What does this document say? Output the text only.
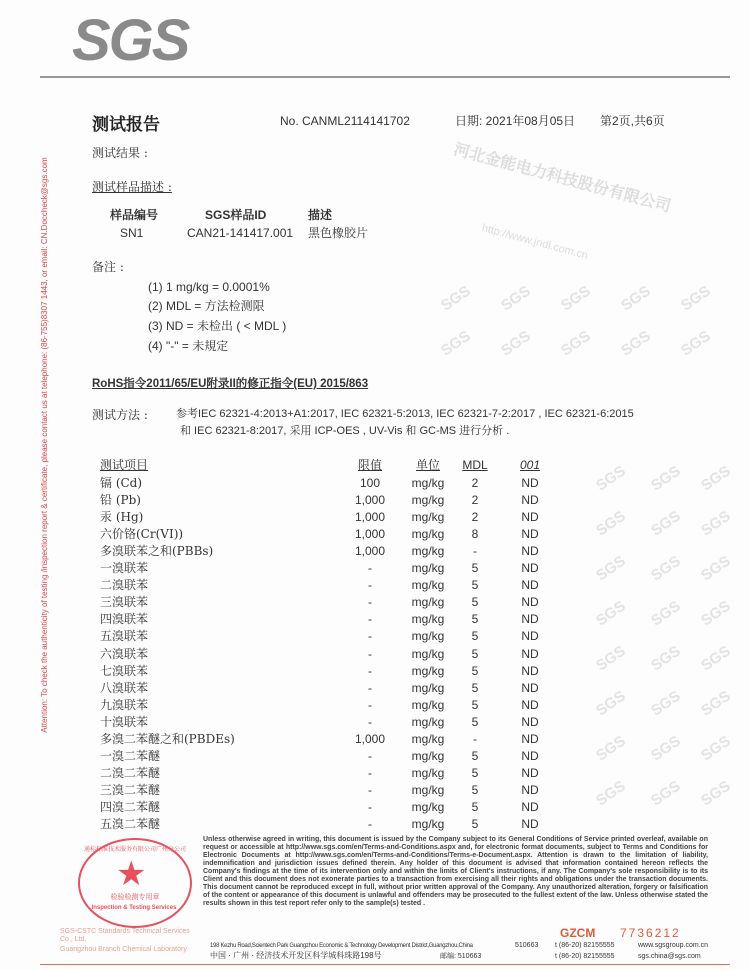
河北金能电力科技股份有限公司
http://www.jndl.com.cn
SGS
SGS
SGS
SGS
SGS
SGS
SGS
SGS
SGS
SGS
SGS
SGS
SGS
SGS
SGS
SGS
SGS
SGS
SGS
SGS
SGS
SGS
SGS
SGS
SGS
SGS
SGS
SGS
SGS
SGS
SGS
SGS
SGS
SGS
SGS
测试报告	No. CANML2114141702	日期: 2021年08月05日 第2页,共6页
Attention: To check the authenticity of testing /inspection report & certificate, please contact us at telephone: (86-755)8307 1443, or email: CN.Doccheck@sgs.com
测试结果 :
测试样品描述 :
样品编号	SGS样品ID	描述
SN1	CAN21-141417.001 黑色橡胶片
备注 :
(1) 1 mg/kg = 0.0001%
(2) MDL = 方法检测限
(3) ND = 未检出 ( < MDL )
(4) "-" = 未規定
RoHS指令2011/65/EU附录II的修正指令(EU) 2015/863
测试方法 :	参考IEC 62321-4:2013+A1:2017, IEC 62321-5:2013, IEC 62321-7-2:2017 , IEC 62321-6:2015
和 IEC 62321-8:2017, 采用 ICP-OES , UV-Vis 和 GC-MS 进行分析 .
测试项目	限值	单位	MDL	001
镉 (Cd)	100	mg/kg	2	ND
铅 (Pb)	1,000	mg/kg	2	ND
汞 (Hg)	1,000	mg/kg	2	ND
六价铬(Cr(VI))	1,000	mg/kg	8	ND
多溴联苯之和(PBBs)	1,000	mg/kg	-	ND
一溴联苯	-	mg/kg	5	ND
二溴联苯	-	mg/kg	5	ND
三溴联苯	-	mg/kg	5	ND
四溴联苯	-	mg/kg	5	ND
五溴联苯	-	mg/kg	5	ND
六溴联苯	-	mg/kg	5	ND
七溴联苯	-	mg/kg	5	ND
八溴联苯	-	mg/kg	5	ND
九溴联苯	-	mg/kg	5	ND
十溴联苯	-	mg/kg	5	ND
多溴二苯醚之和(PBDEs)	1,000	mg/kg	-	ND
一溴二苯醚	-	mg/kg	5	ND
二溴二苯醚	-	mg/kg	5	ND
三溴二苯醚	-	mg/kg	5	ND
四溴二苯醚	-	mg/kg	5	ND
五溴二苯醚	-	mg/kg	5	ND
通标标准技术服务有限公司广州分公司
★
检验检测专用章
Inspection & Testing Services
SGS-CSTC Standards Technical Services Co., Ltd.
Guangzhou Branch Chemical Laboratory
Unless otherwise agreed in writing, this document is issued by the Company subject to its General Conditions of Service printed overleaf, available on request or accessible at http://www.sgs.com/en/Terms-and-Conditions.aspx and, for electronic format documents, subject to Terms and Conditions for Electronic Documents at http://www.sgs.com/en/Terms-and-Conditions/Terms-e-Document.aspx. Attention is drawn to the limitation of liability, indemnification and jurisdiction issues defined therein. Any holder of this document is advised that information contained hereon reflects the Company's findings at the time of its intervention only and within the limits of Client's instructions, if any. The Company's sole responsibility is to its Client and this document does not exonerate parties to a transaction from exercising all their rights and obligations under the transaction documents. This document cannot be reproduced except in full, without prior written approval of the Company. Any unauthorized alteration, forgery or falsification of the content or appearance of this document is unlawful and offenders may be prosecuted to the fullest extent of the law. Unless otherwise stated the results shown in this test report refer only to the sample(s) tested .
GZCM 7736212
198 Kezhu Road,Scientech Park Guangzhou Economic & Technology Development District,Guangzhou,China	510663
中国 · 广州 · 经济技术开发区科学城科珠路198号	邮编: 510663
t (86-20) 82155555
t (86-20) 82155555
www.sgsgroup.com.cn
sgs.china@sgs.com
